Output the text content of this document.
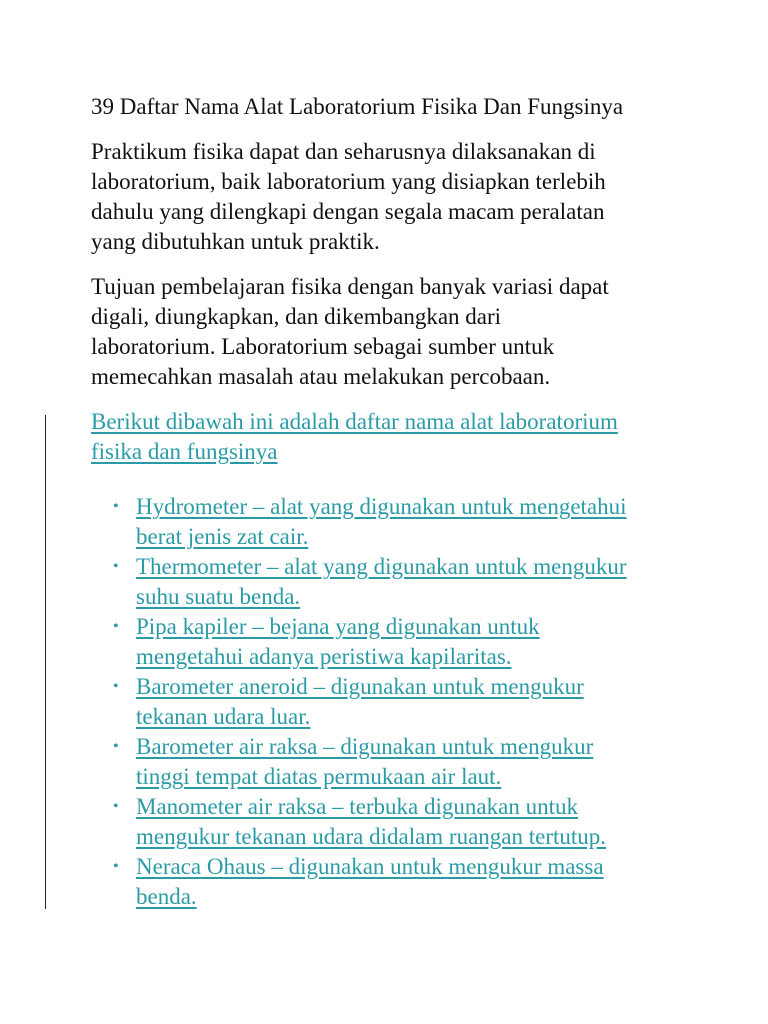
39 Daftar Nama Alat Laboratorium Fisika Dan Fungsinya

Praktikum fisika dapat dan seharusnya dilaksanakan di
laboratorium, baik laboratorium yang disiapkan terlebih
dahulu yang dilengkapi dengan segala macam peralatan
yang dibutuhkan untuk praktik.

Tujuan pembelajaran fisika dengan banyak variasi dapat
digali, diungkapkan, dan dikembangkan dari
laboratorium. Laboratorium sebagai sumber untuk
memecahkan masalah atau melakukan percobaan.

Berikut dibawah ini adalah daftar nama alat laboratorium
fisika dan fungsinya

• Hydrometer – alat yang digunakan untuk mengetahui
berat jenis zat cair.
• Thermometer – alat yang digunakan untuk mengukur
suhu suatu benda.
• Pipa kapiler – bejana yang digunakan untuk
mengetahui adanya peristiwa kapilaritas.
• Barometer aneroid – digunakan untuk mengukur
tekanan udara luar.
• Barometer air raksa – digunakan untuk mengukur
tinggi tempat diatas permukaan air laut.
• Manometer air raksa – terbuka digunakan untuk
mengukur tekanan udara didalam ruangan tertutup.
• Neraca Ohaus – digunakan untuk mengukur massa
benda.
